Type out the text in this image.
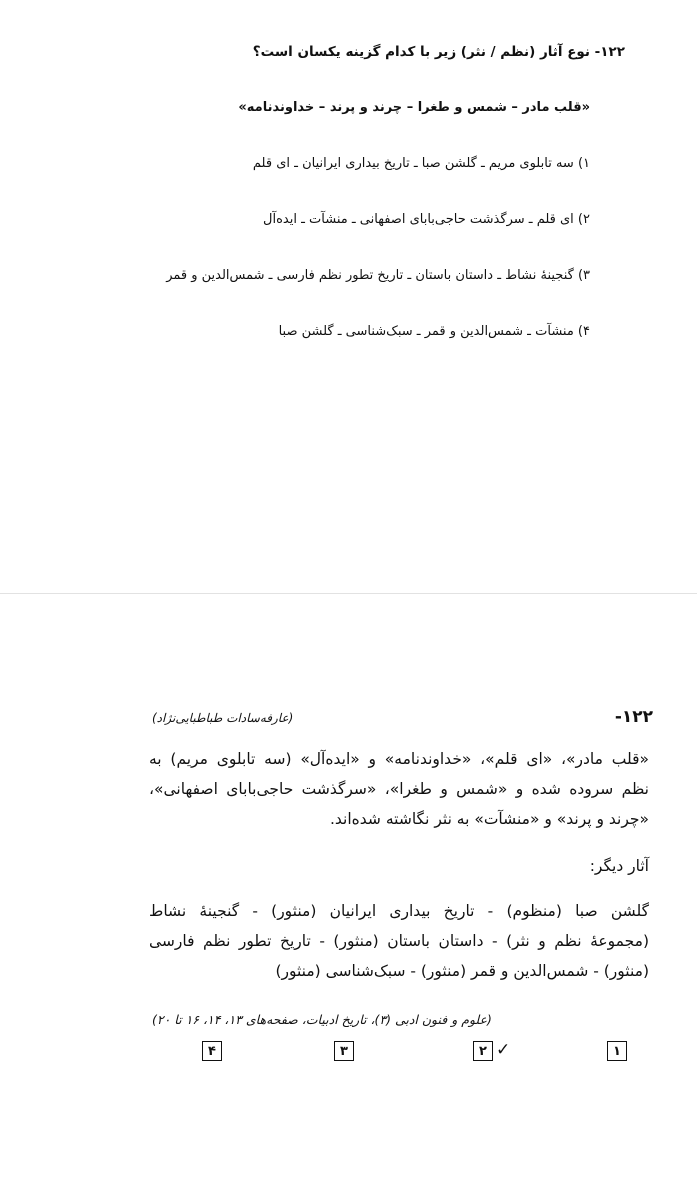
۱۲۲- نوع آثار (نظم / نثر) زیر با کدام گزینه یکسان است؟
«قلب مادر – شمس و طغرا – چرند و پرند – خداوندنامه»
۱) سه تابلوی مریم ـ گلشن صبا ـ تاریخ بیداری ایرانیان ـ ای قلم
۲) ای قلم ـ سرگذشت حاجی‌بابای اصفهانی ـ منشآت ـ ایده‌آل
۳) گنجینهٔ نشاط ـ داستان باستان ـ تاریخ تطور نظم فارسی ـ شمس‌الدین و قمر
۴) منشآت ـ شمس‌الدین و قمر ـ سبک‌شناسی ـ گلشن صبا
-۱۲۲
(عارفه‌سادات طباطبایی‌نژاد)
«قلب مادر»، «ای قلم»، «خداوندنامه» و «ایده‌آل» (سه تابلوی مریم) به
نظم سروده شده و «شمس و طغرا»، «سرگذشت حاجی‌بابای اصفهانی»،
«چرند و پرند» و «منشآت» به نثر نگاشته شده‌اند.
آثار دیگر:
گلشن صبا (منظوم) - تاریخ بیداری ایرانیان (منثور) - گنجینهٔ نشاط
(مجموعهٔ نظم و نثر) - داستان باستان (منثور) - تاریخ تطور نظم فارسی
(منثور) - شمس‌الدین و قمر (منثور) - سبک‌شناسی (منثور)
(علوم و فنون ادبی (۳)، تاریخ ادبیات، صفحه‌های ۱۳، ۱۴، ۱۶ تا ۲۰)
۴	۳	۲ ✓	۱
